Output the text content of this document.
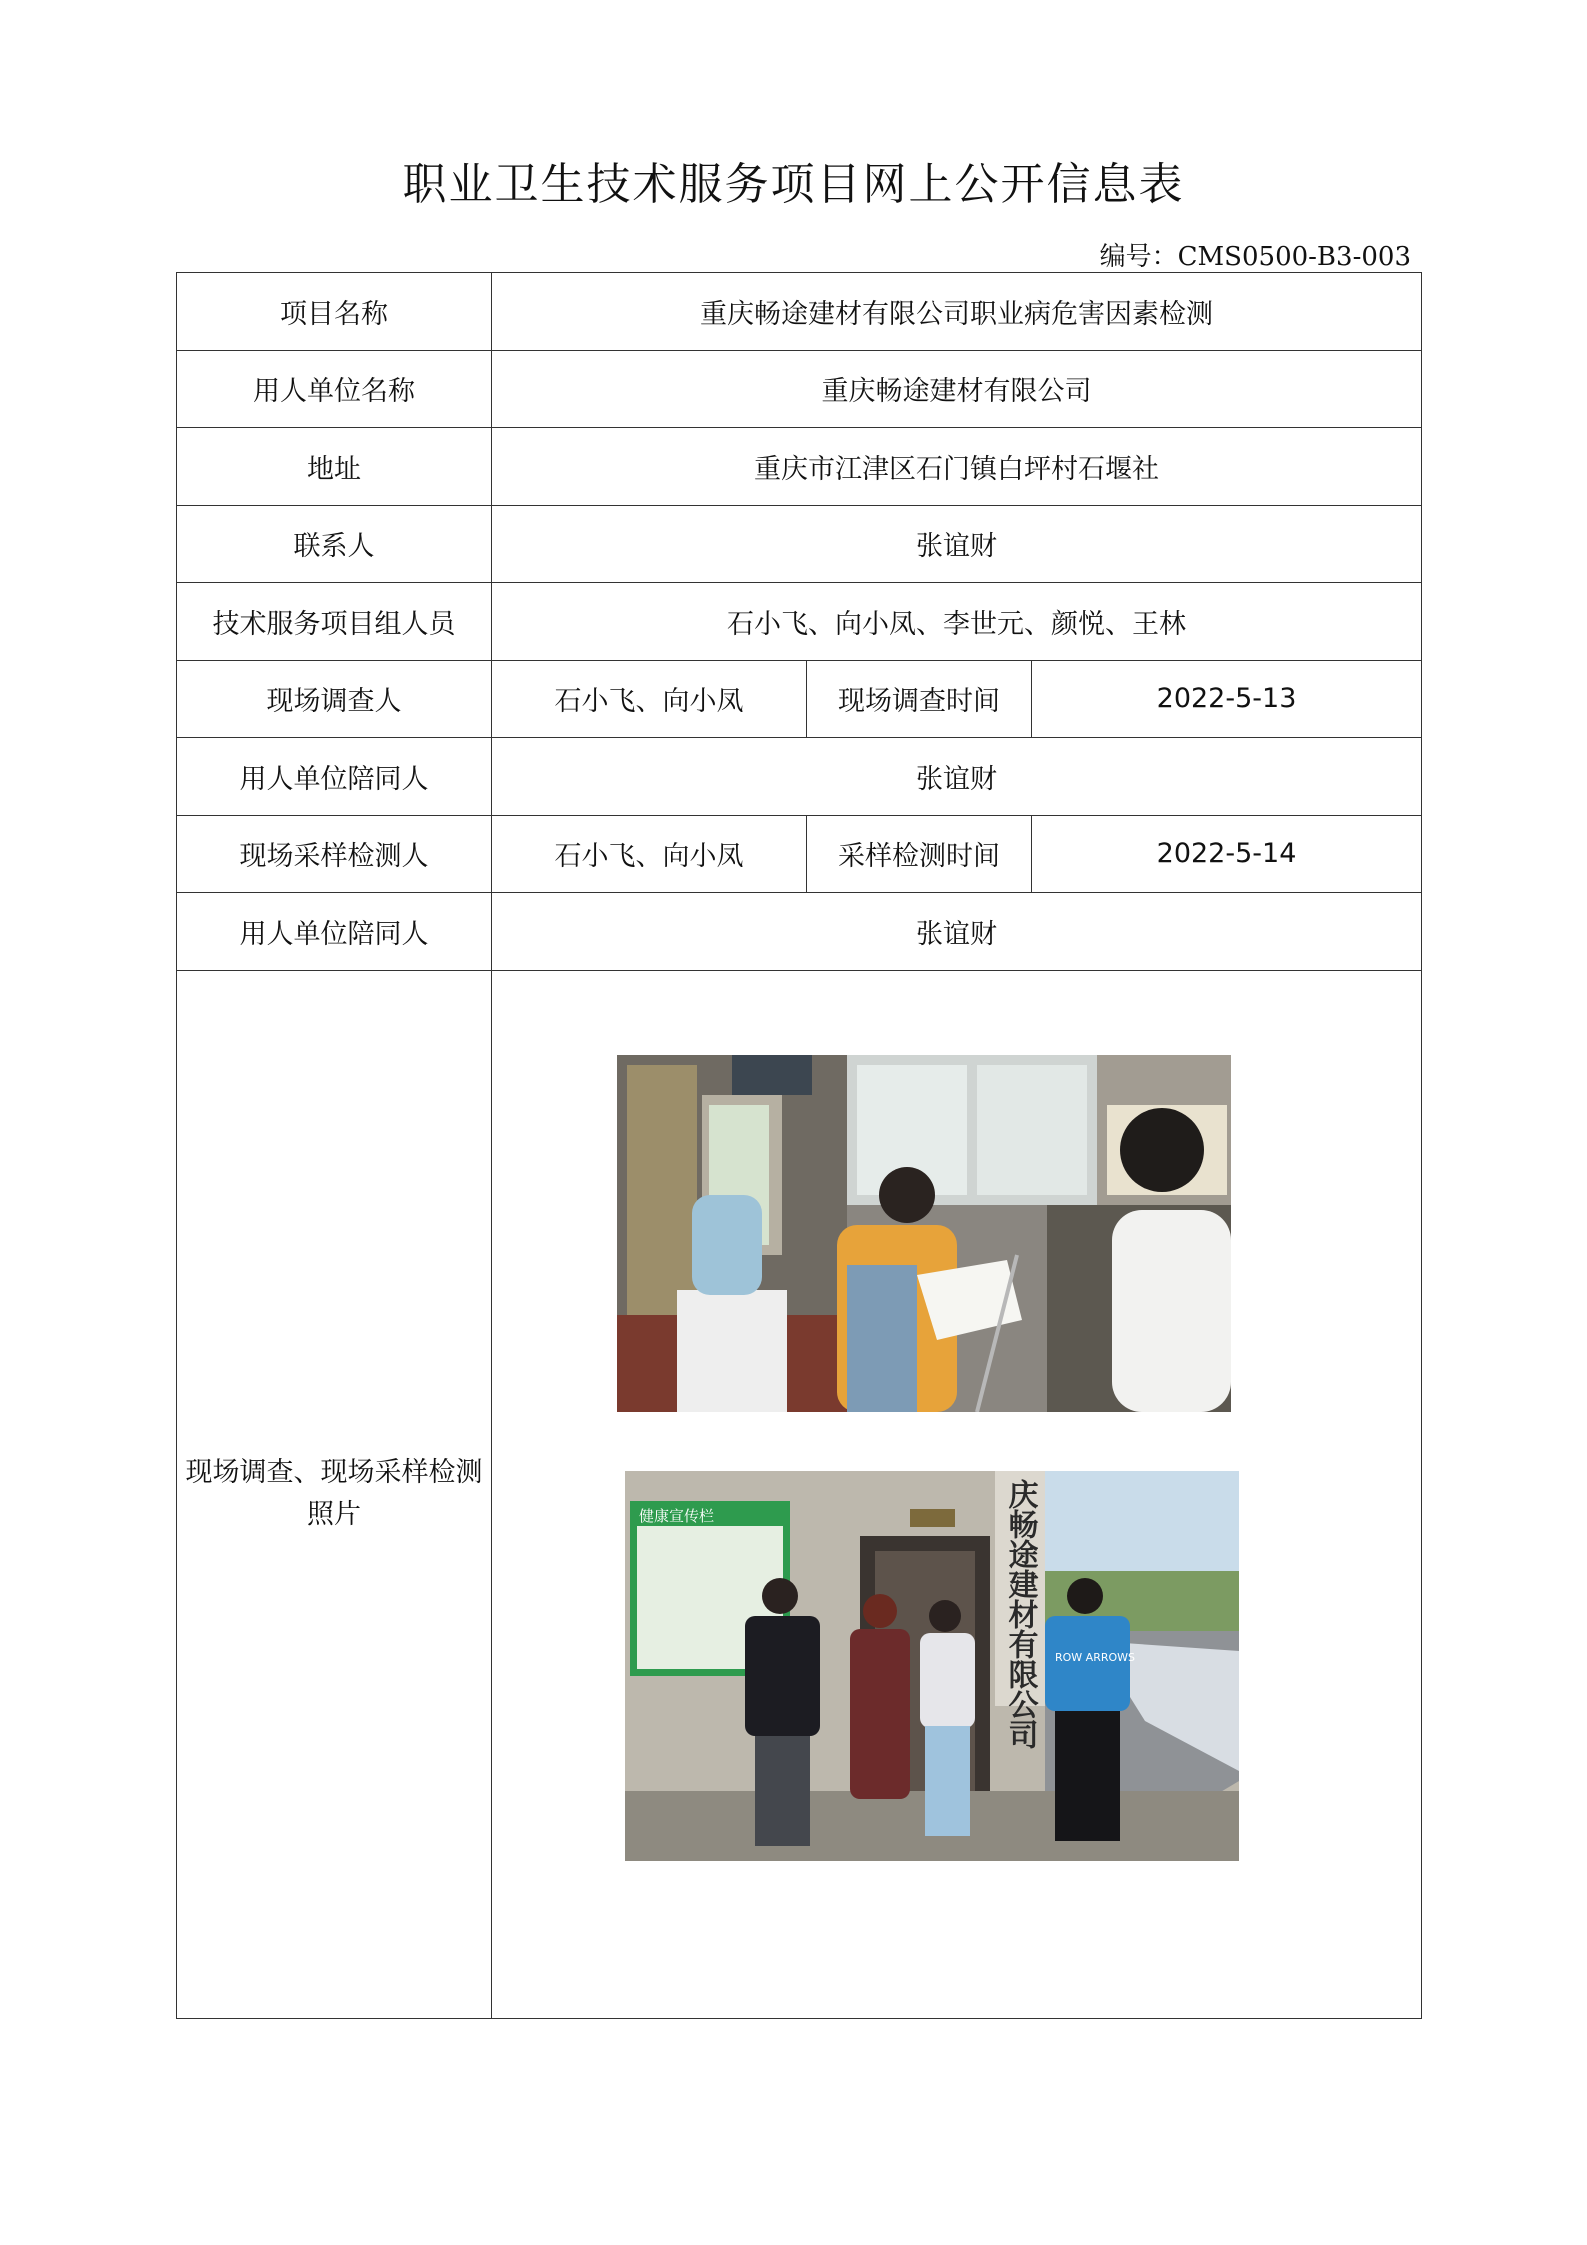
职业卫生技术服务项目网上公开信息表
编号：CMS0500-B3-003
项目名称	重庆畅途建材有限公司职业病危害因素检测		
用人单位名称	重庆畅途建材有限公司		
地址	重庆市江津区石门镇白坪村石堰社		
联系人	张谊财		
技术服务项目组人员	石小飞、向小凤、李世元、颜悦、王林		
现场调查人	石小飞、向小凤	现场调查时间	2022-5-13
用人单位陪同人	张谊财		
现场采样检测人	石小飞、向小凤	采样检测时间	2022-5-14
用人单位陪同人	张谊财		
现场调查、现场采样检测照片	健康宣传栏 庆畅途建材有限公司 ROW ARROWS		
